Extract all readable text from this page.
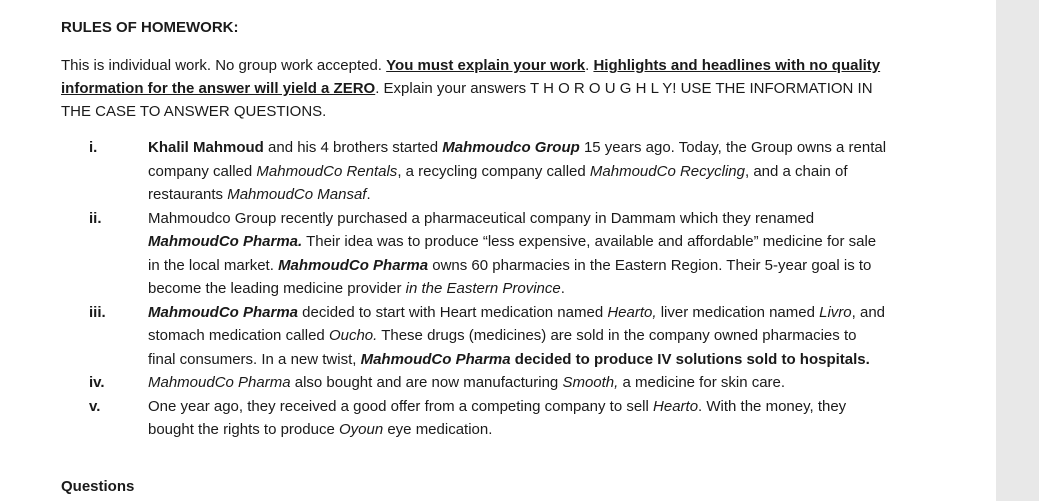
RULES OF HOMEWORK:

This is individual work. No group work accepted. You must explain your work. Highlights and headlines with no quality information for the answer will yield a ZERO. Explain your answers T H O R O U G H L Y! USE THE INFORMATION IN THE CASE TO ANSWER QUESTIONS.

i.	Khalil Mahmoud and his 4 brothers started Mahmoudco Group 15 years ago. Today, the Group owns a rental company called MahmoudCo Rentals, a recycling company called MahmoudCo Recycling, and a chain of restaurants MahmoudCo Mansaf.
ii.	Mahmoudco Group recently purchased a pharmaceutical company in Dammam which they renamed MahmoudCo Pharma. Their idea was to produce “less expensive, available and affordable” medicine for sale in the local market. MahmoudCo Pharma owns 60 pharmacies in the Eastern Region. Their 5-year goal is to become the leading medicine provider in the Eastern Province.
iii.	MahmoudCo Pharma decided to start with Heart medication named Hearto, liver medication named Livro, and stomach medication called Oucho. These drugs (medicines) are sold in the company owned pharmacies to final consumers. In a new twist, MahmoudCo Pharma decided to produce IV solutions sold to hospitals.
iv.	MahmoudCo Pharma also bought and are now manufacturing Smooth, a medicine for skin care.
v.	One year ago, they received a good offer from a competing company to sell Hearto. With the money, they bought the rights to produce Oyoun eye medication.

Questions
